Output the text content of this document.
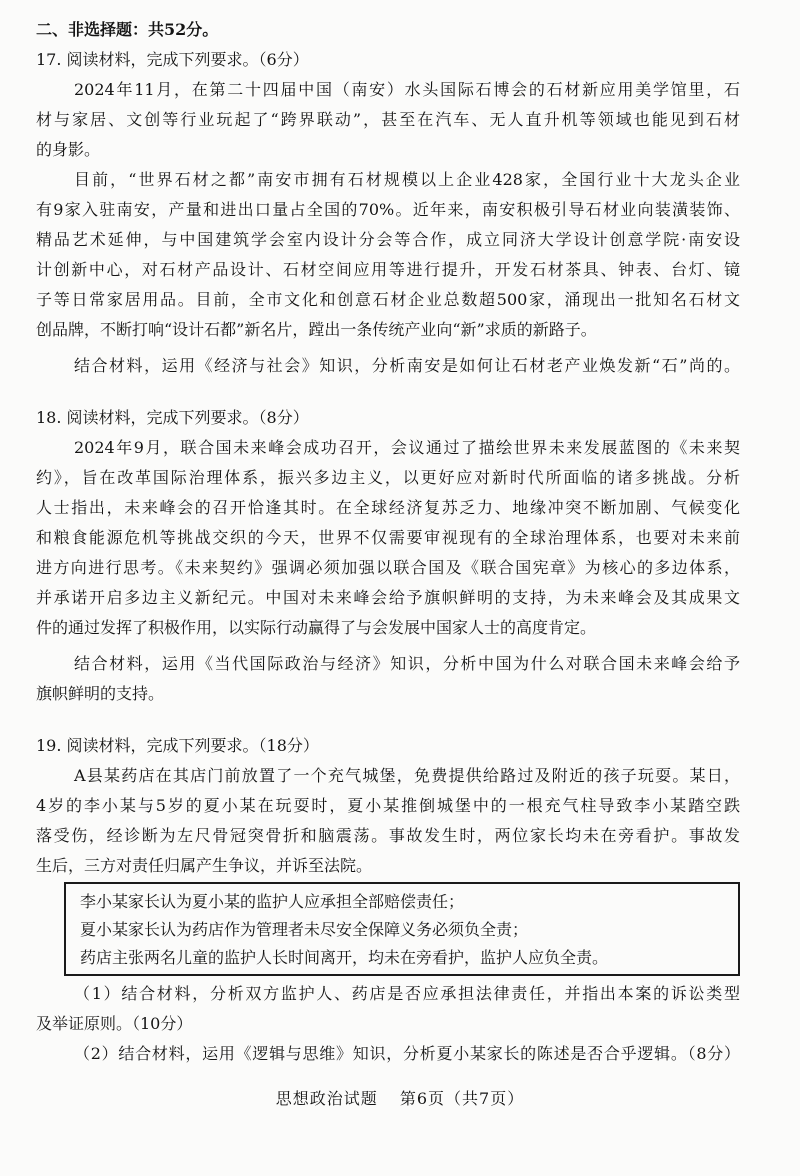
二、非选择题：共52分。
17. 阅读材料，完成下列要求。（6分）
2024年11月，在第二十四届中国（南安）水头国际石博会的石材新应用美学馆里，石
材与家居、文创等行业玩起了“跨界联动”，甚至在汽车、无人直升机等领域也能见到石材
的身影。
目前，“世界石材之都”南安市拥有石材规模以上企业428家，全国行业十大龙头企业
有9家入驻南安，产量和进出口量占全国的70%。近年来，南安积极引导石材业向装潢装饰、
精品艺术延伸，与中国建筑学会室内设计分会等合作，成立同济大学设计创意学院·南安设
计创新中心，对石材产品设计、石材空间应用等进行提升，开发石材茶具、钟表、台灯、镜
子等日常家居用品。目前，全市文化和创意石材企业总数超500家，涌现出一批知名石材文
创品牌，不断打响“设计石都”新名片，蹚出一条传统产业向“新”求质的新路子。
结合材料，运用《经济与社会》知识，分析南安是如何让石材老产业焕发新“石”尚的。
18. 阅读材料，完成下列要求。（8分）
2024年9月，联合国未来峰会成功召开，会议通过了描绘世界未来发展蓝图的《未来契
约》，旨在改革国际治理体系，振兴多边主义，以更好应对新时代所面临的诸多挑战。分析
人士指出，未来峰会的召开恰逢其时。在全球经济复苏乏力、地缘冲突不断加剧、气候变化
和粮食能源危机等挑战交织的今天，世界不仅需要审视现有的全球治理体系，也要对未来前
进方向进行思考。《未来契约》强调必须加强以联合国及《联合国宪章》为核心的多边体系，
并承诺开启多边主义新纪元。中国对未来峰会给予旗帜鲜明的支持，为未来峰会及其成果文
件的通过发挥了积极作用，以实际行动赢得了与会发展中国家人士的高度肯定。
结合材料，运用《当代国际政治与经济》知识，分析中国为什么对联合国未来峰会给予
旗帜鲜明的支持。
19. 阅读材料，完成下列要求。（18分）
A县某药店在其店门前放置了一个充气城堡，免费提供给路过及附近的孩子玩耍。某日，
4岁的李小某与5岁的夏小某在玩耍时，夏小某推倒城堡中的一根充气柱导致李小某踏空跌
落受伤，经诊断为左尺骨冠突骨折和脑震荡。事故发生时，两位家长均未在旁看护。事故发
生后，三方对责任归属产生争议，并诉至法院。
李小某家长认为夏小某的监护人应承担全部赔偿责任；
夏小某家长认为药店作为管理者未尽安全保障义务必须负全责；
药店主张两名儿童的监护人长时间离开，均未在旁看护，监护人应负全责。
（1）结合材料，分析双方监护人、药店是否应承担法律责任，并指出本案的诉讼类型
及举证原则。（10分）
（2）结合材料，运用《逻辑与思维》知识，分析夏小某家长的陈述是否合乎逻辑。（8分）
思想政治试题 第6页（共7页）
